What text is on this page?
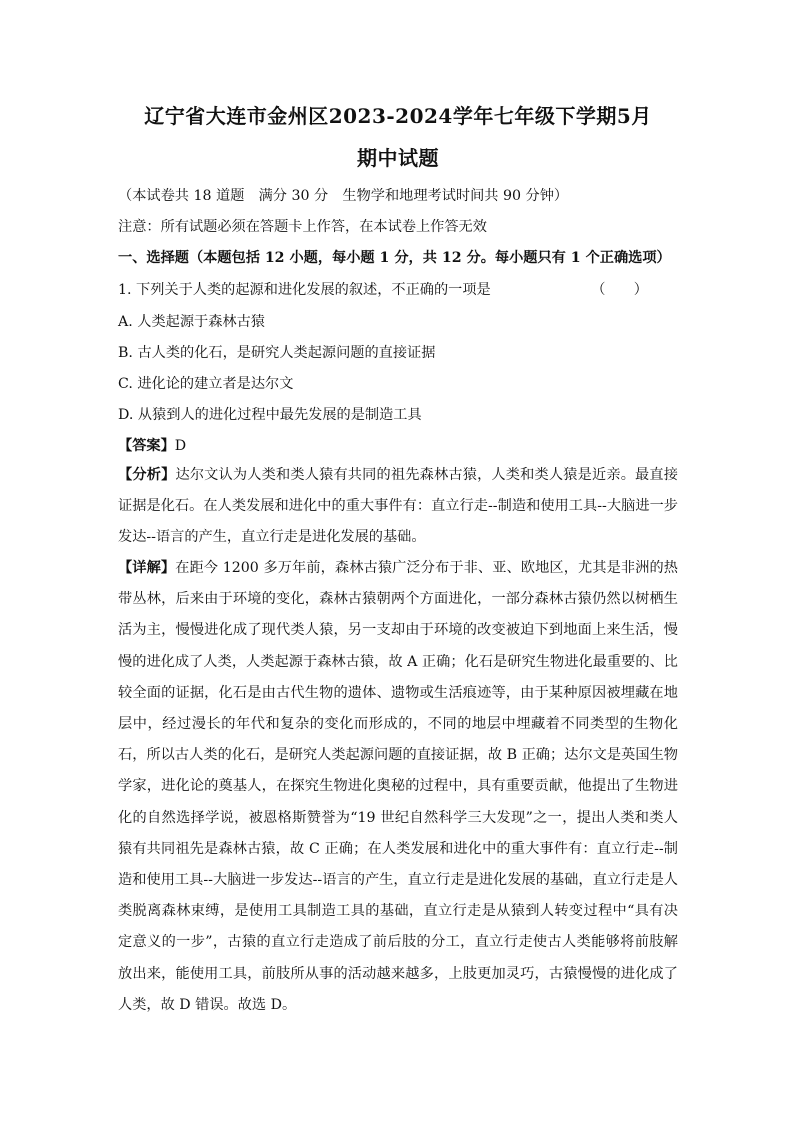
辽宁省大连市金州区2023-2024学年七年级下学期5月
期中试题
（本试卷共 18 道题　满分 30 分　生物学和地理考试时间共 90 分钟）
注意：所有试题必须在答题卡上作答，在本试卷上作答无效
一、选择题（本题包括 12 小题，每小题 1 分，共 12 分。每小题只有 1 个正确选项）
1. 下列关于人类的起源和进化发展的叙述，不正确的一项是	（　　）
A. 人类起源于森林古猿
B. 古人类的化石，是研究人类起源问题的直接证据
C. 进化论的建立者是达尔文
D. 从猿到人的进化过程中最先发展的是制造工具
【答案】D
【分析】达尔文认为人类和类人猿有共同的祖先森林古猿，人类和类人猿是近亲。最直接证据是化石。在人类发展和进化中的重大事件有：直立行走--制造和使用工具--大脑进一步发达--语言的产生，直立行走是进化发展的基础。
【详解】在距今 1200 多万年前，森林古猿广泛分布于非、亚、欧地区，尤其是非洲的热带丛林，后来由于环境的变化，森林古猿朝两个方面进化，一部分森林古猿仍然以树栖生活为主，慢慢进化成了现代类人猿，另一支却由于环境的改变被迫下到地面上来生活，慢慢的进化成了人类，人类起源于森林古猿，故 A 正确；化石是研究生物进化最重要的、比较全面的证据，化石是由古代生物的遗体、遗物或生活痕迹等，由于某种原因被埋藏在地层中，经过漫长的年代和复杂的变化而形成的，不同的地层中埋藏着不同类型的生物化石，所以古人类的化石，是研究人类起源问题的直接证据，故 B 正确；达尔文是英国生物学家，进化论的奠基人，在探究生物进化奥秘的过程中，具有重要贡献，他提出了生物进化的自然选择学说，被恩格斯赞誉为“19 世纪自然科学三大发现”之一，提出人类和类人猿有共同祖先是森林古猿，故 C 正确；在人类发展和进化中的重大事件有：直立行走--制造和使用工具--大脑进一步发达--语言的产生，直立行走是进化发展的基础，直立行走是人类脱离森林束缚，是使用工具制造工具的基础，直立行走是从猿到人转变过程中“具有决定意义的一步”，古猿的直立行走造成了前后肢的分工，直立行走使古人类能够将前肢解放出来，能使用工具，前肢所从事的活动越来越多，上肢更加灵巧，古猿慢慢的进化成了人类，故 D 错误。故选 D。
